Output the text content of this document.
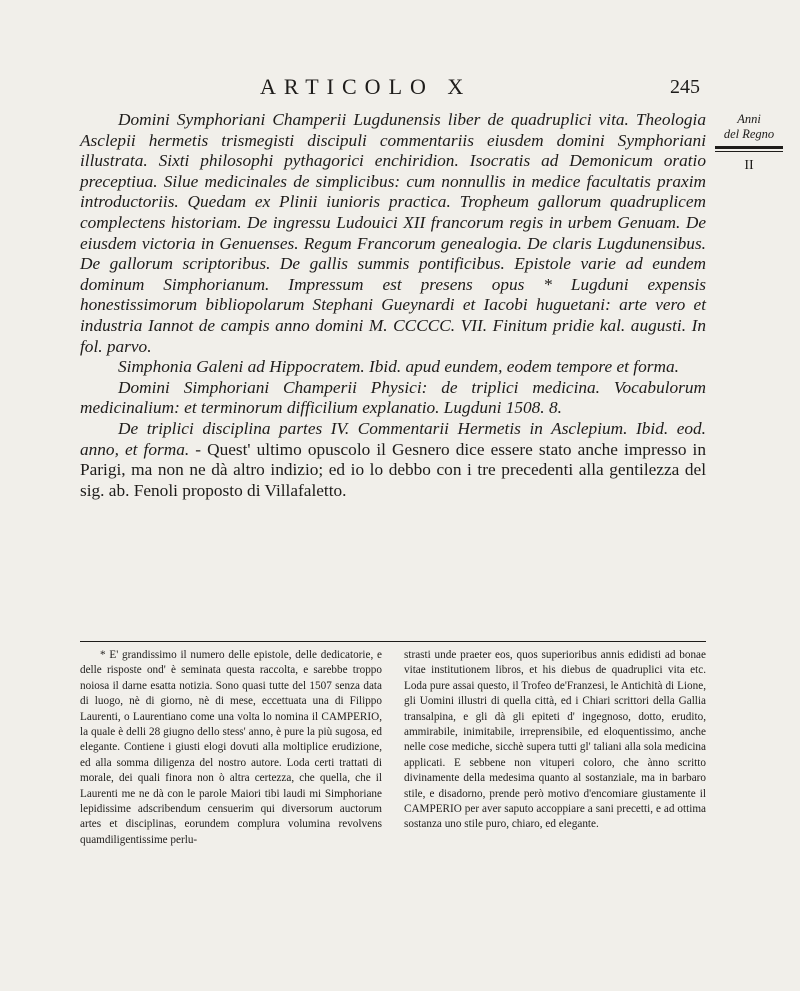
ARTICOLO X	245
Anni
del Regno
II

Domini Symphoriani Champerii Lugdunensis liber de quadruplici vita. Theologia Asclepii hermetis trismegisti discipuli commentariis eiusdem domini Symphoriani illustrata. Sixti philosophi pythagorici enchiridion. Isocratis ad Demonicum oratio preceptiua. Silue medicinales de simplicibus: cum nonnullis in medice facultatis praxim introductoriis. Quedam ex Plinii iunioris practica. Tropheum gallorum quadruplicem complectens historiam. De ingressu Ludouici XII francorum regis in urbem Genuam. De eiusdem victoria in Genuenses. Regum Francorum genealogia. De claris Lugdunensibus. De gallorum scriptoribus. De gallis summis pontificibus. Epistole varie ad eundem dominum Simphorianum. Impressum est presens opus * Lugduni expensis honestissimorum bibliopolarum Stephani Gueynardi et Iacobi huguetani: arte vero et industria Iannot de campis anno domini M. CCCCC. VII. Finitum pridie kal. augusti. In fol. parvo.

Simphonia Galeni ad Hippocratem. Ibid. apud eundem, eodem tempore et forma.

Domini Simphoriani Champerii Physici: de triplici medicina. Vocabulorum medicinalium: et terminorum difficilium explanatio. Lugduni 1508. 8.

De triplici disciplina partes IV. Commentarii Hermetis in Asclepium. Ibid. eod. anno, et forma. - Quest' ultimo opuscolo il Gesnero dice essere stato anche impresso in Parigi, ma non ne dà altro indizio; ed io lo debbo con i tre precedenti alla gentilezza del sig. ab. Fenoli proposto di Villafaletto.

* E' grandissimo il numero delle epistole, delle dedicatorie, e delle risposte ond' è seminata questa raccolta, e sarebbe troppo noiosa il darne esatta notizia. Sono quasi tutte del 1507 senza data di luogo, nè di giorno, nè di mese, eccettuata una di Filippo Laurenti, o Laurentiano come una volta lo nomina il CAMPERIO, la quale è delli 28 giugno dello stess' anno, è pure la più sugosa, ed elegante. Contiene i giusti elogi dovuti alla moltiplice erudizione, ed alla somma diligenza del nostro autore. Loda certi trattati di morale, dei quali finora non ò altra certezza, che quella, che il Laurenti me ne dà con le parole Maiori tibi laudi mi Simphoriane lepidissime adscribendum censuerim qui diversorum auctorum artes et disciplinas, eorundem complura volumina revolvens quamdiligentissime perlu-

strasti unde praeter eos, quos superioribus annis edidisti ad bonae vitae institutionem libros, et his diebus de quadruplici vita etc. Loda pure assai questo, il Trofeo de'Franzesi, le Antichità di Lione, gli Uomini illustri di quella città, ed i Chiari scrittori della Gallia transalpina, e gli dà gli epiteti d' ingegnoso, dotto, erudito, ammirabile, inimitabile, irreprensibile, ed eloquentissimo, anche nelle cose mediche, sicchè supera tutti gl' taliani alla sola medicina applicati. E sebbene non vituperi coloro, che ànno scritto divinamente della medesima quanto al sostanziale, ma in barbaro stile, e disadorno, prende però motivo d'encomiare giustamente il CAMPERIO per aver saputo accoppiare a sani precetti, e ad ottima sostanza uno stile puro, chiaro, ed elegante.
